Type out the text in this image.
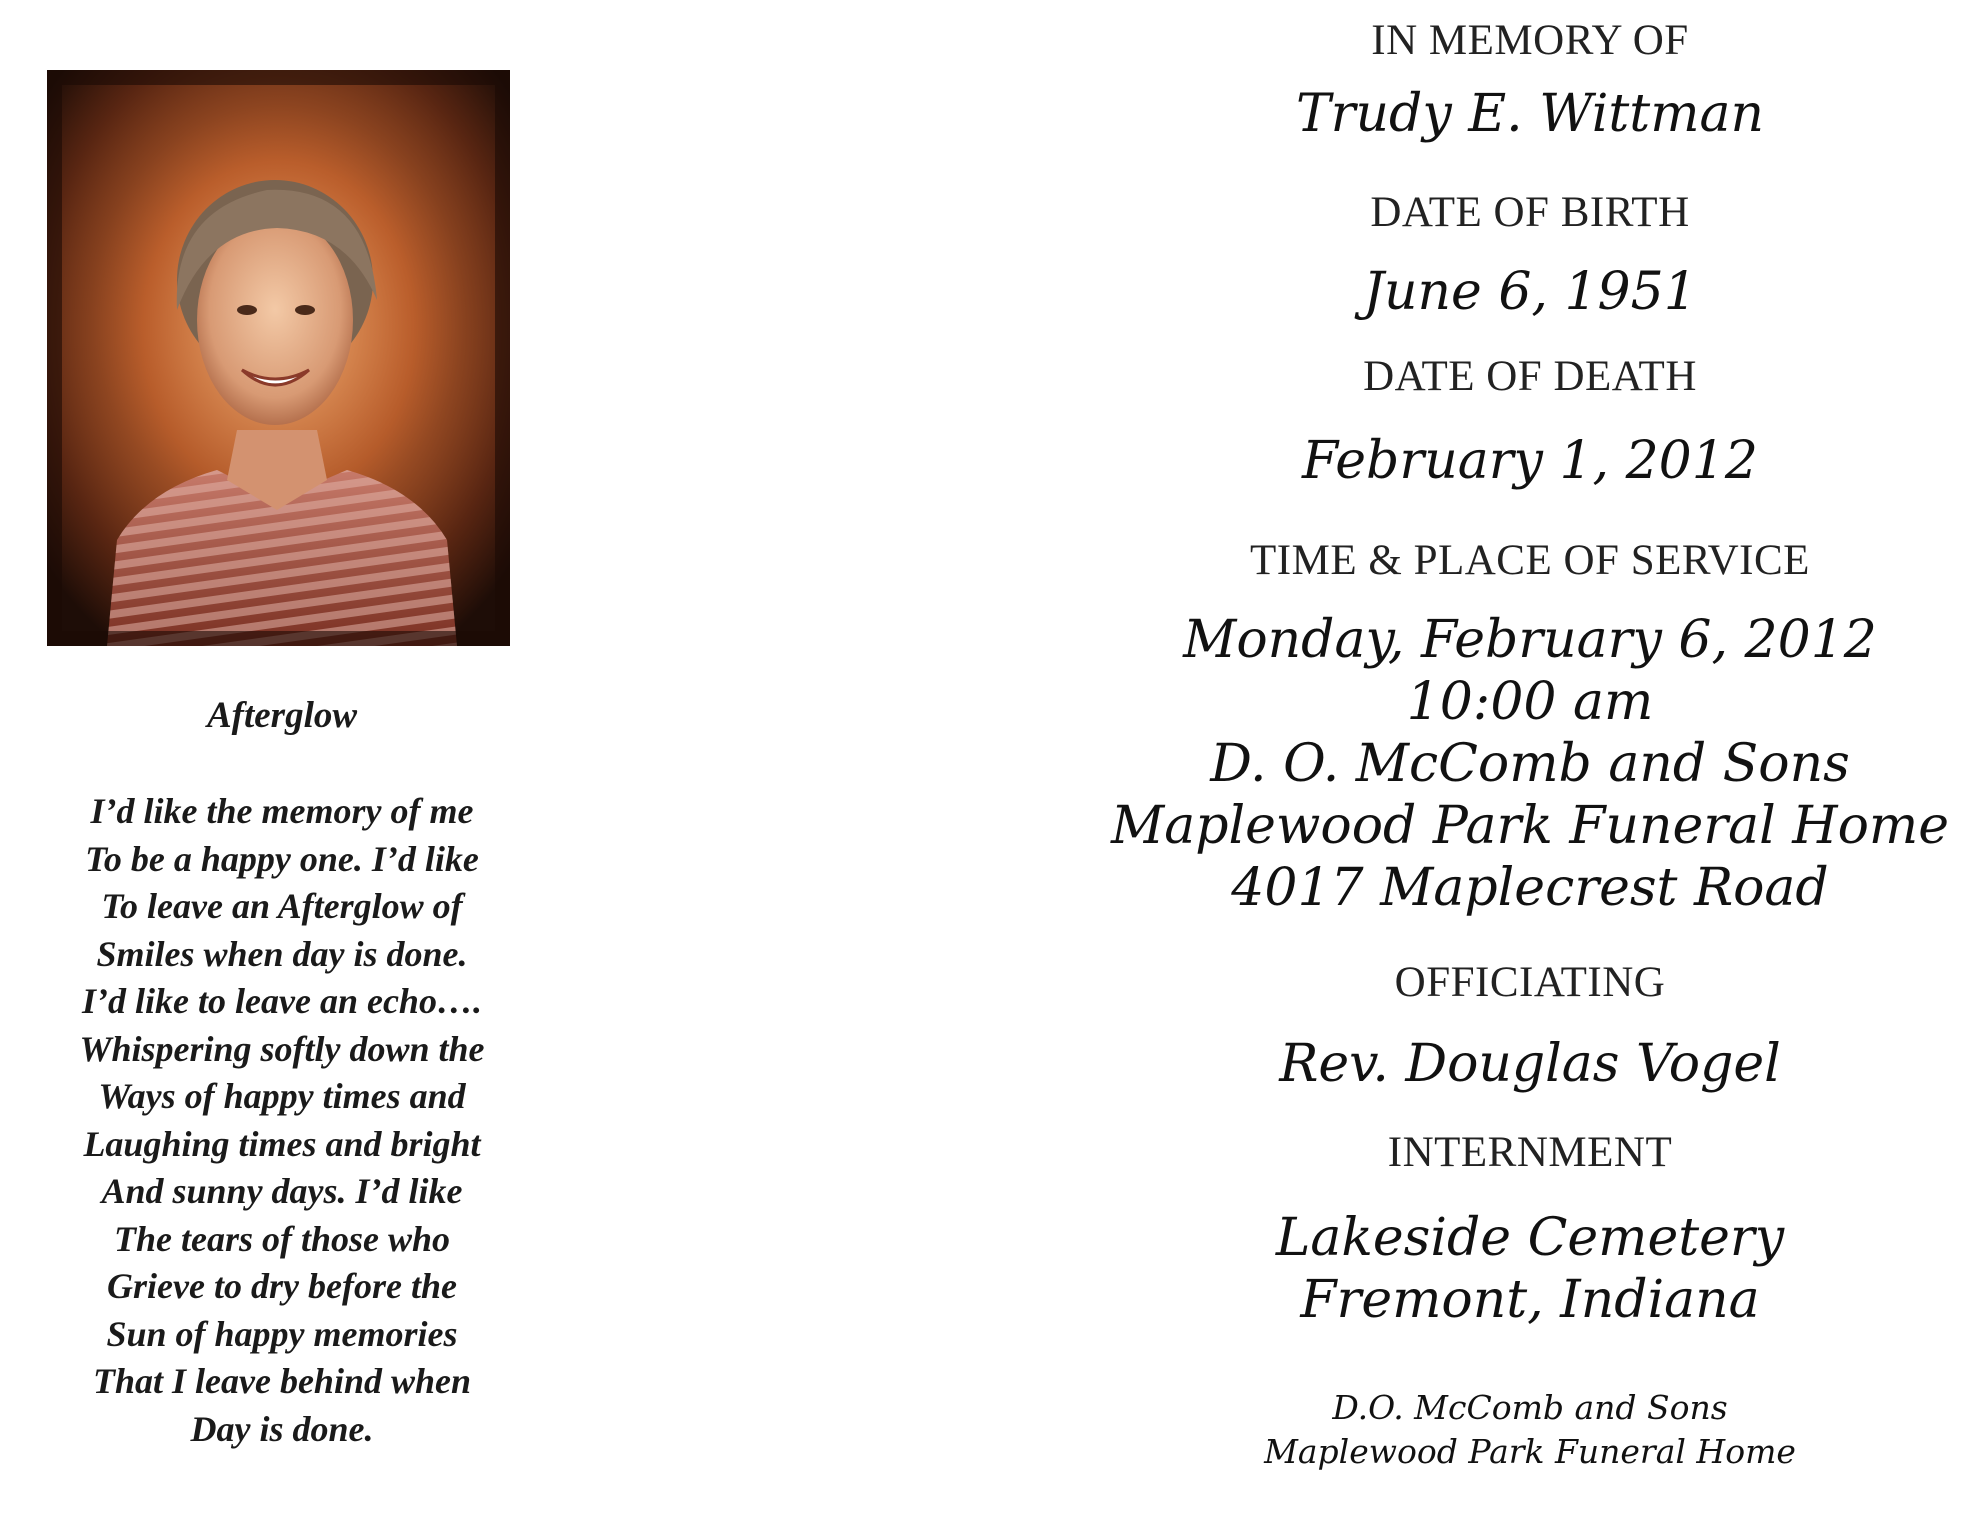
Afterglow
I’d like the memory of me
To be a happy one. I’d like
To leave an Afterglow of
Smiles when day is done.
I’d like to leave an echo….
Whispering softly down the
Ways of happy times and
Laughing times and bright
And sunny days. I’d like
The tears of those who
Grieve to dry before the
Sun of happy memories
That I leave behind when
Day is done.
IN MEMORY OF
Trudy E. Wittman
DATE OF BIRTH
June 6, 1951
DATE OF DEATH
February 1, 2012
TIME & PLACE OF SERVICE
Monday, February 6, 2012
10:00 am
D. O. McComb and Sons
Maplewood Park Funeral Home
4017 Maplecrest Road
OFFICIATING
Rev. Douglas Vogel
INTERNMENT
Lakeside Cemetery
Fremont, Indiana
D.O. McComb and Sons
Maplewood Park Funeral Home
